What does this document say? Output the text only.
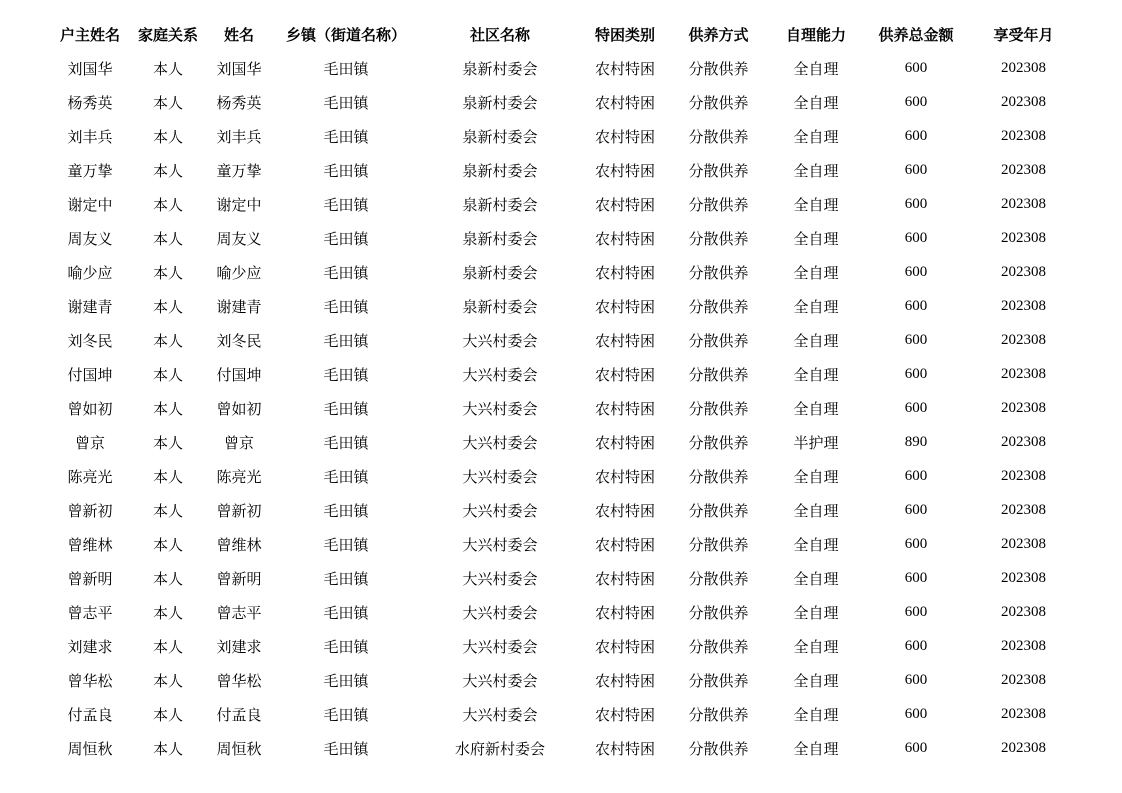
户主姓名	家庭关系	姓名	乡镇（街道名称）	社区名称	特困类别	供养方式	自理能力	供养总金额	享受年月
刘国华	本人	刘国华	毛田镇	泉新村委会	农村特困	分散供养	全自理	600	202308
杨秀英	本人	杨秀英	毛田镇	泉新村委会	农村特困	分散供养	全自理	600	202308
刘丰兵	本人	刘丰兵	毛田镇	泉新村委会	农村特困	分散供养	全自理	600	202308
童万挚	本人	童万挚	毛田镇	泉新村委会	农村特困	分散供养	全自理	600	202308
谢定中	本人	谢定中	毛田镇	泉新村委会	农村特困	分散供养	全自理	600	202308
周友义	本人	周友义	毛田镇	泉新村委会	农村特困	分散供养	全自理	600	202308
喻少应	本人	喻少应	毛田镇	泉新村委会	农村特困	分散供养	全自理	600	202308
谢建青	本人	谢建青	毛田镇	泉新村委会	农村特困	分散供养	全自理	600	202308
刘冬民	本人	刘冬民	毛田镇	大兴村委会	农村特困	分散供养	全自理	600	202308
付国坤	本人	付国坤	毛田镇	大兴村委会	农村特困	分散供养	全自理	600	202308
曾如初	本人	曾如初	毛田镇	大兴村委会	农村特困	分散供养	全自理	600	202308
曾京	本人	曾京	毛田镇	大兴村委会	农村特困	分散供养	半护理	890	202308
陈亮光	本人	陈亮光	毛田镇	大兴村委会	农村特困	分散供养	全自理	600	202308
曾新初	本人	曾新初	毛田镇	大兴村委会	农村特困	分散供养	全自理	600	202308
曾维林	本人	曾维林	毛田镇	大兴村委会	农村特困	分散供养	全自理	600	202308
曾新明	本人	曾新明	毛田镇	大兴村委会	农村特困	分散供养	全自理	600	202308
曾志平	本人	曾志平	毛田镇	大兴村委会	农村特困	分散供养	全自理	600	202308
刘建求	本人	刘建求	毛田镇	大兴村委会	农村特困	分散供养	全自理	600	202308
曾华松	本人	曾华松	毛田镇	大兴村委会	农村特困	分散供养	全自理	600	202308
付孟良	本人	付孟良	毛田镇	大兴村委会	农村特困	分散供养	全自理	600	202308
周恒秋	本人	周恒秋	毛田镇	水府新村委会	农村特困	分散供养	全自理	600	202308
